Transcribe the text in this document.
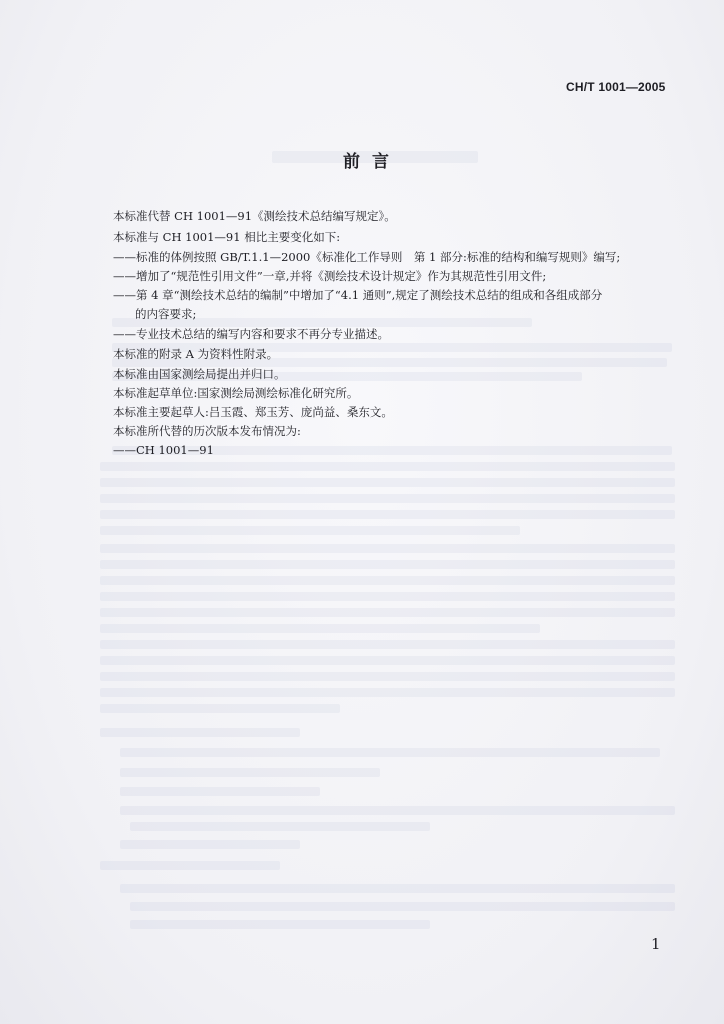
CH/T 1001—2005
前言
本标准代替 CH 1001—91《测绘技术总结编写规定》。
本标准与 CH 1001—91 相比主要变化如下:
——标准的体例按照 GB/T.1.1—2000《标准化工作导则　第 1 部分:标准的结构和编写规则》编写;
——增加了“规范性引用文件”一章,并将《测绘技术设计规定》作为其规范性引用文件;
——第 4 章“测绘技术总结的编制”中增加了“4.1 通则”,规定了测绘技术总结的组成和各组成部分
的内容要求;
——专业技术总结的编写内容和要求不再分专业描述。
本标准的附录 A 为资料性附录。
本标准由国家测绘局提出并归口。
本标准起草单位:国家测绘局测绘标准化研究所。
本标准主要起草人:吕玉霞、郑玉芳、庞尚益、桑东文。
本标准所代替的历次版本发布情况为:
——CH 1001—91
1
